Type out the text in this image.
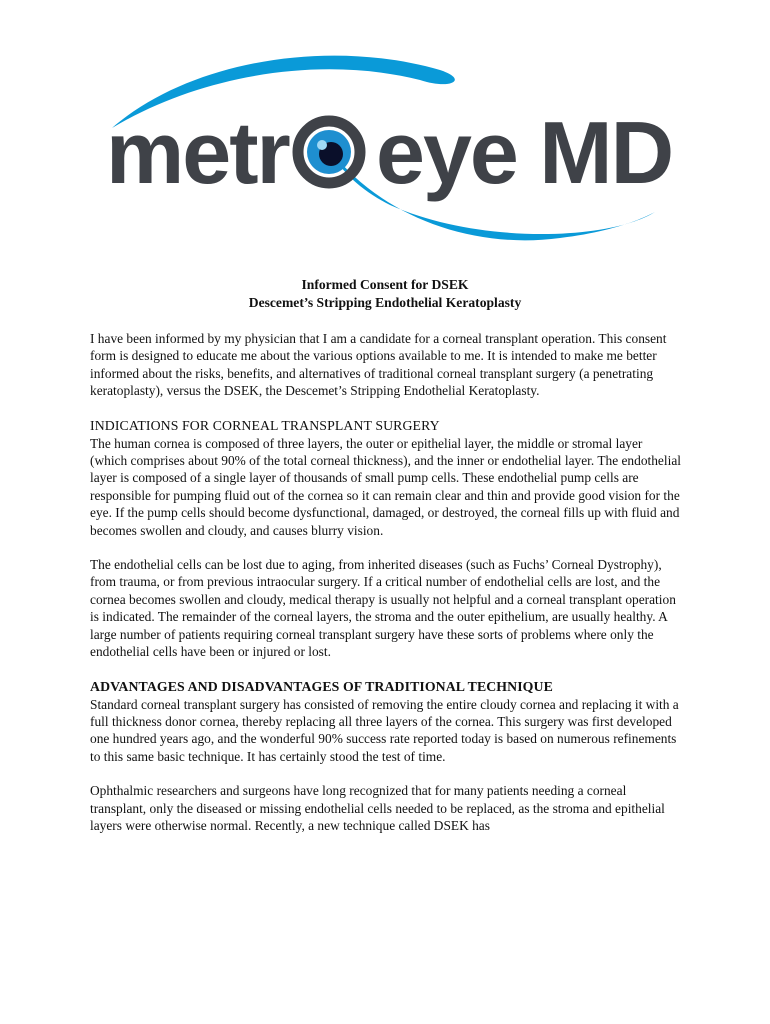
metr eye MD
Informed Consent for DSEK
Descemet’s Stripping Endothelial Keratoplasty

I have been informed by my physician that I am a candidate for a corneal transplant operation. This consent form is designed to educate me about the various options available to me. It is intended to make me better informed about the risks, benefits, and alternatives of traditional corneal transplant surgery (a penetrating keratoplasty), versus the DSEK, the Descemet’s Stripping Endothelial Keratoplasty.

INDICATIONS FOR CORNEAL TRANSPLANT SURGERY

The human cornea is composed of three layers, the outer or epithelial layer, the middle or stromal layer (which comprises about 90% of the total corneal thickness), and the inner or endothelial layer. The endothelial layer is composed of a single layer of thousands of small pump cells. These endothelial pump cells are responsible for pumping fluid out of the cornea so it can remain clear and thin and provide good vision for the eye. If the pump cells should become dysfunctional, damaged, or destroyed, the corneal fills up with fluid and becomes swollen and cloudy, and causes blurry vision.

The endothelial cells can be lost due to aging, from inherited diseases (such as Fuchs’ Corneal Dystrophy), from trauma, or from previous intraocular surgery. If a critical number of endothelial cells are lost, and the cornea becomes swollen and cloudy, medical therapy is usually not helpful and a corneal transplant operation is indicated. The remainder of the corneal layers, the stroma and the outer epithelium, are usually healthy. A large number of patients requiring corneal transplant surgery have these sorts of problems where only the endothelial cells have been or injured or lost.

ADVANTAGES AND DISADVANTAGES OF TRADITIONAL TECHNIQUE

Standard corneal transplant surgery has consisted of removing the entire cloudy cornea and replacing it with a full thickness donor cornea, thereby replacing all three layers of the cornea. This surgery was first developed one hundred years ago, and the wonderful 90% success rate reported today is based on numerous refinements to this same basic technique. It has certainly stood the test of time.

Ophthalmic researchers and surgeons have long recognized that for many patients needing a corneal transplant, only the diseased or missing endothelial cells needed to be replaced, as the stroma and epithelial layers were otherwise normal. Recently, a new technique called DSEK has
